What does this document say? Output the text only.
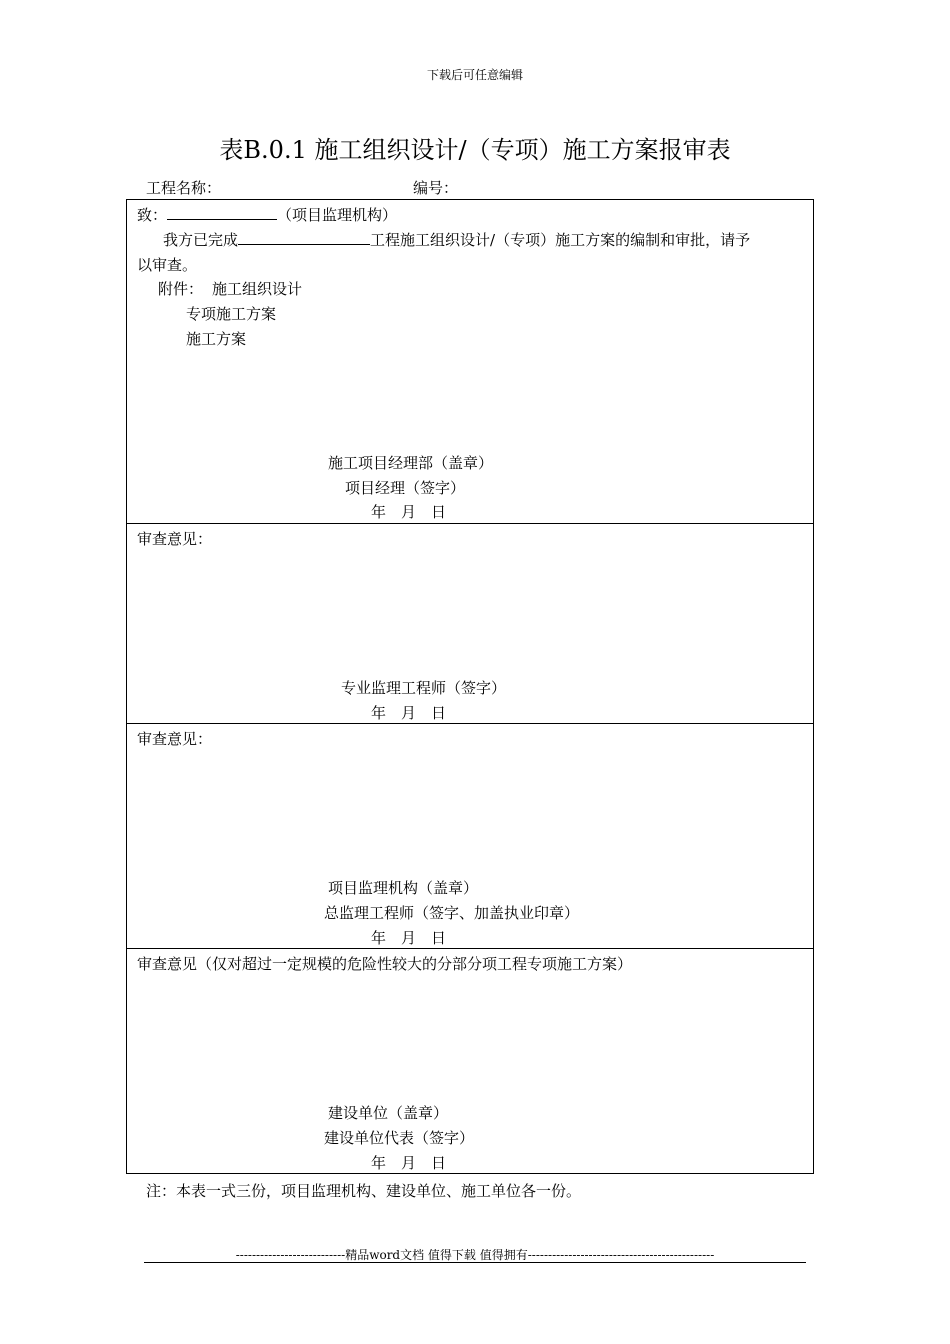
下载后可任意编辑
表B.0.1 施工组织设计/（专项）施工方案报审表
工程名称：	编号：
致：	（项目监理机构）
我方已完成	工程施工组织设计/（专项）施工方案的编制和审批，请予
以审查。
附件： 施工组织设计
专项施工方案
施工方案
施工项目经理部（盖章）
项目经理（签字）
年　月　日
审查意见：
专业监理工程师（签字）
年　月　日
审查意见：
项目监理机构（盖章）
总监理工程师（签字、加盖执业印章）
年　月　日
审查意见（仅对超过一定规模的危险性较大的分部分项工程专项施工方案）
建设单位（盖章）
建设单位代表（签字）
年　月　日
注：本表一式三份，项目监理机构、建设单位、施工单位各一份。
---------------------------精品word文档 值得下载 值得拥有----------------------------------------------
